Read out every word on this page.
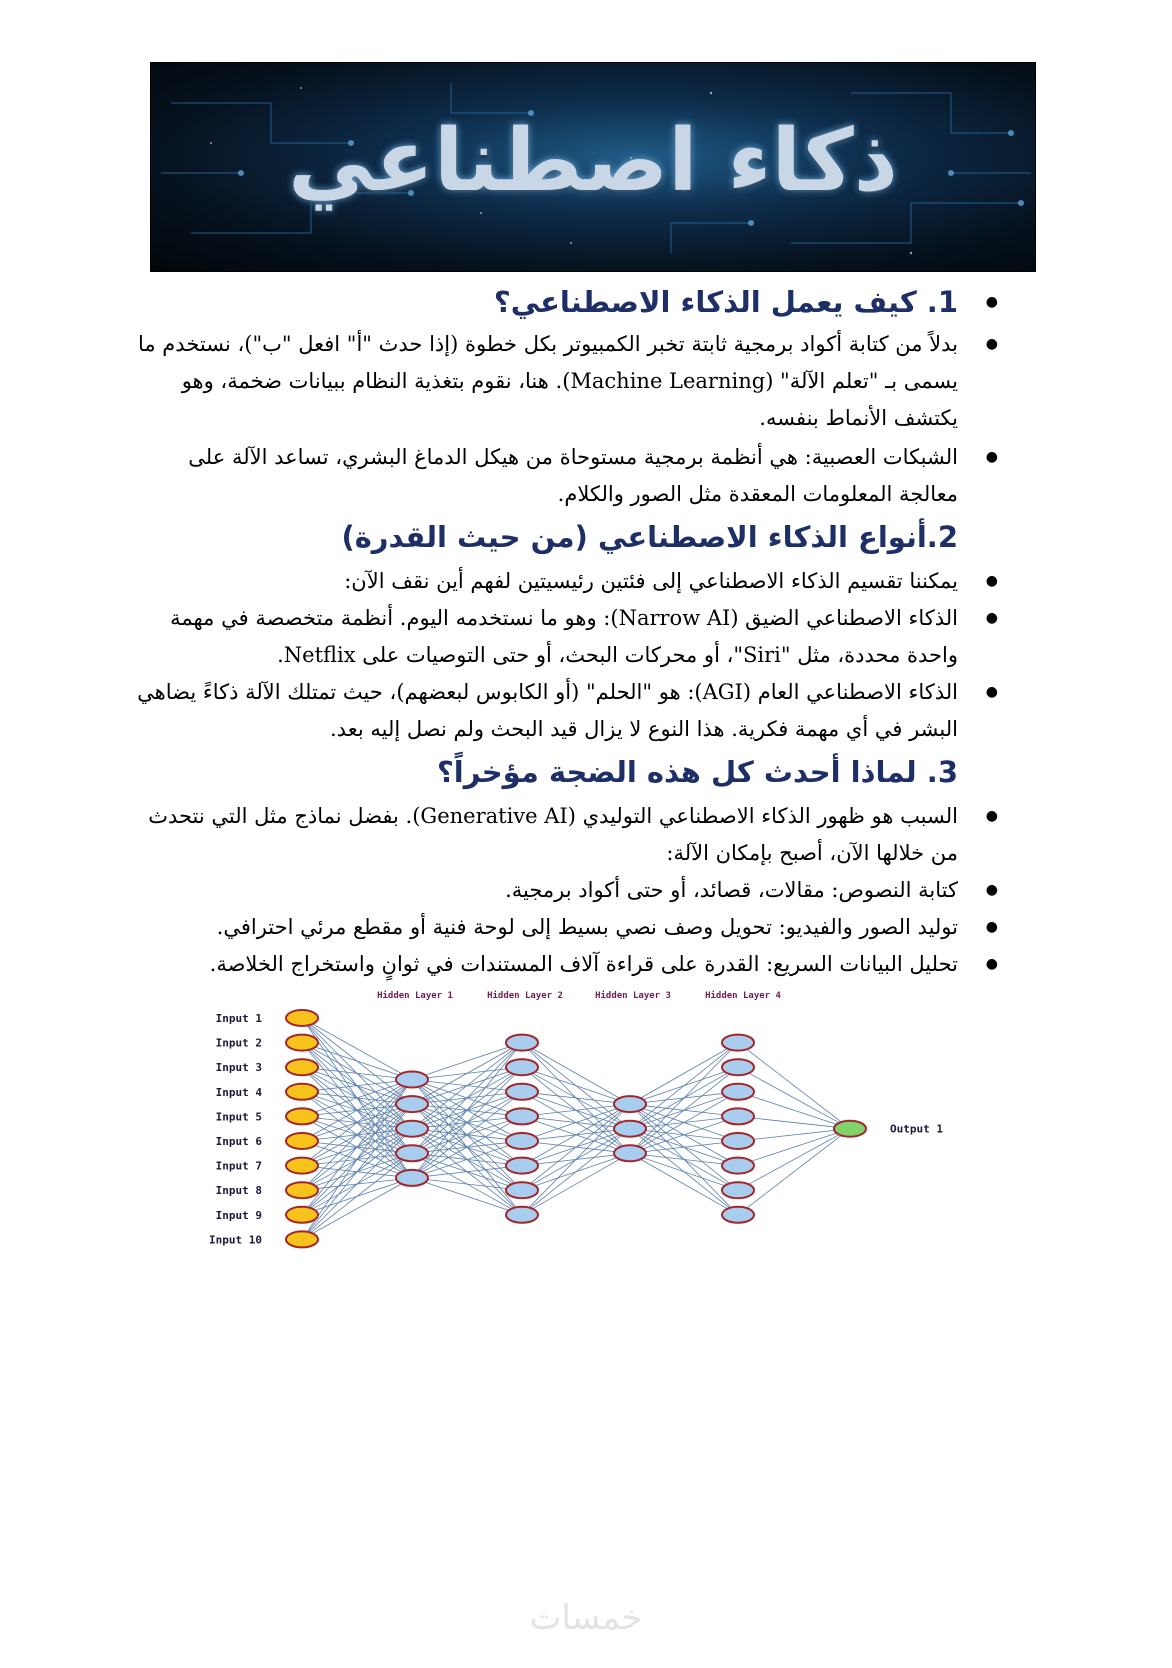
ذكاء اصطناعي
● 1. كيف يعمل الذكاء الاصطناعي؟

● بدلاً من كتابة أكواد برمجية ثابتة تخبر الكمبيوتر بكل خطوة (إذا حدث "أ" افعل "ب")، نستخدم ما يسمى بـ "تعلم الآلة" (Machine Learning). هنا، نقوم بتغذية النظام ببيانات ضخمة، وهو يكتشف الأنماط بنفسه.

● الشبكات العصبية: هي أنظمة برمجية مستوحاة من هيكل الدماغ البشري، تساعد الآلة على معالجة المعلومات المعقدة مثل الصور والكلام.

2.أنواع الذكاء الاصطناعي (من حيث القدرة)

● يمكننا تقسيم الذكاء الاصطناعي إلى فئتين رئيسيتين لفهم أين نقف الآن:

● الذكاء الاصطناعي الضيق (Narrow AI): وهو ما نستخدمه اليوم. أنظمة متخصصة في مهمة واحدة محددة، مثل "Siri"، أو محركات البحث، أو حتى التوصيات على Netflix.

● الذكاء الاصطناعي العام (AGI): هو "الحلم" (أو الكابوس لبعضهم)، حيث تمتلك الآلة ذكاءً يضاهي البشر في أي مهمة فكرية. هذا النوع لا يزال قيد البحث ولم نصل إليه بعد.

3. لماذا أحدث كل هذه الضجة مؤخراً؟

● السبب هو ظهور الذكاء الاصطناعي التوليدي (Generative AI). بفضل نماذج مثل التي نتحدث من خلالها الآن، أصبح بإمكان الآلة:

● كتابة النصوص: مقالات، قصائد، أو حتى أكواد برمجية.

● توليد الصور والفيديو: تحويل وصف نصي بسيط إلى لوحة فنية أو مقطع مرئي احترافي.

● تحليل البيانات السريع: القدرة على قراءة آلاف المستندات في ثوانٍ واستخراج الخلاصة.

Input 1
Input 2
Input 3
Input 4
Input 5
Input 6
Input 7
Input 8
Input 9
Input 10
Hidden Layer 1	Hidden Layer 2	Hidden Layer 3	Hidden Layer 4
Output 1
خمسات
